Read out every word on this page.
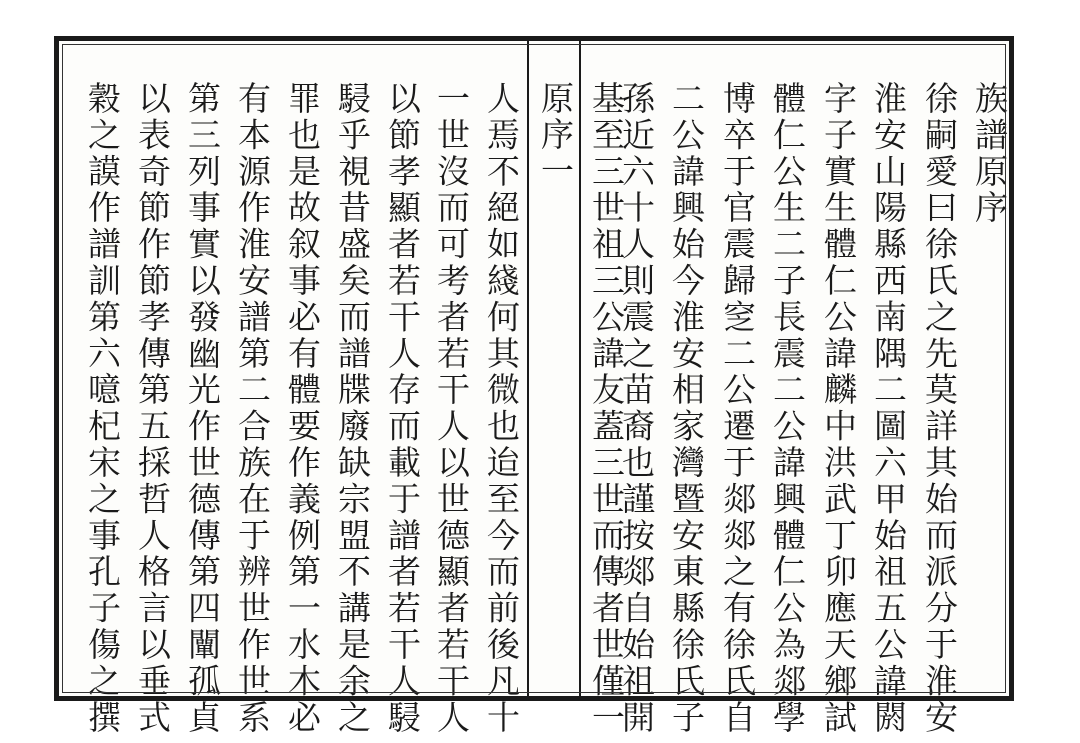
族譜原序
徐嗣愛曰徐氏之先莫詳其始而派分于淮安
淮安山陽縣西南隅二圖六甲始祖五公諱閼
字子實生體仁公諱麟中洪武丁卯應天鄉試
體仁公生二子長震二公諱興體仁公為郯學
博卒于官震歸窆二公遷于郯郯之有徐氏自
二公諱興始今淮安相家灣暨安東縣徐氏子
孫近六十人則震之苗裔也謹按郯自始祖開
基至三世祖三公諱友蓋三世而傳者世僅一
原序一
人焉不絕如綫何其微也迨至今而前後凡十
一世沒而可考者若干人以世德顯者若干人
以節孝顯者若干人存而載于譜者若干人駸
駸乎視昔盛矣而譜牒廢缺宗盟不講是余之
罪也是故叙事必有體要作義例第一水木必
有本源作淮安譜第二合族在于辨世作世系
第三列事實以發幽光作世德傳第四闡孤貞
以表奇節作節孝傳第五採哲人格言以垂式
穀之謨作譜訓第六噫杞宋之事孔子傷之撰
